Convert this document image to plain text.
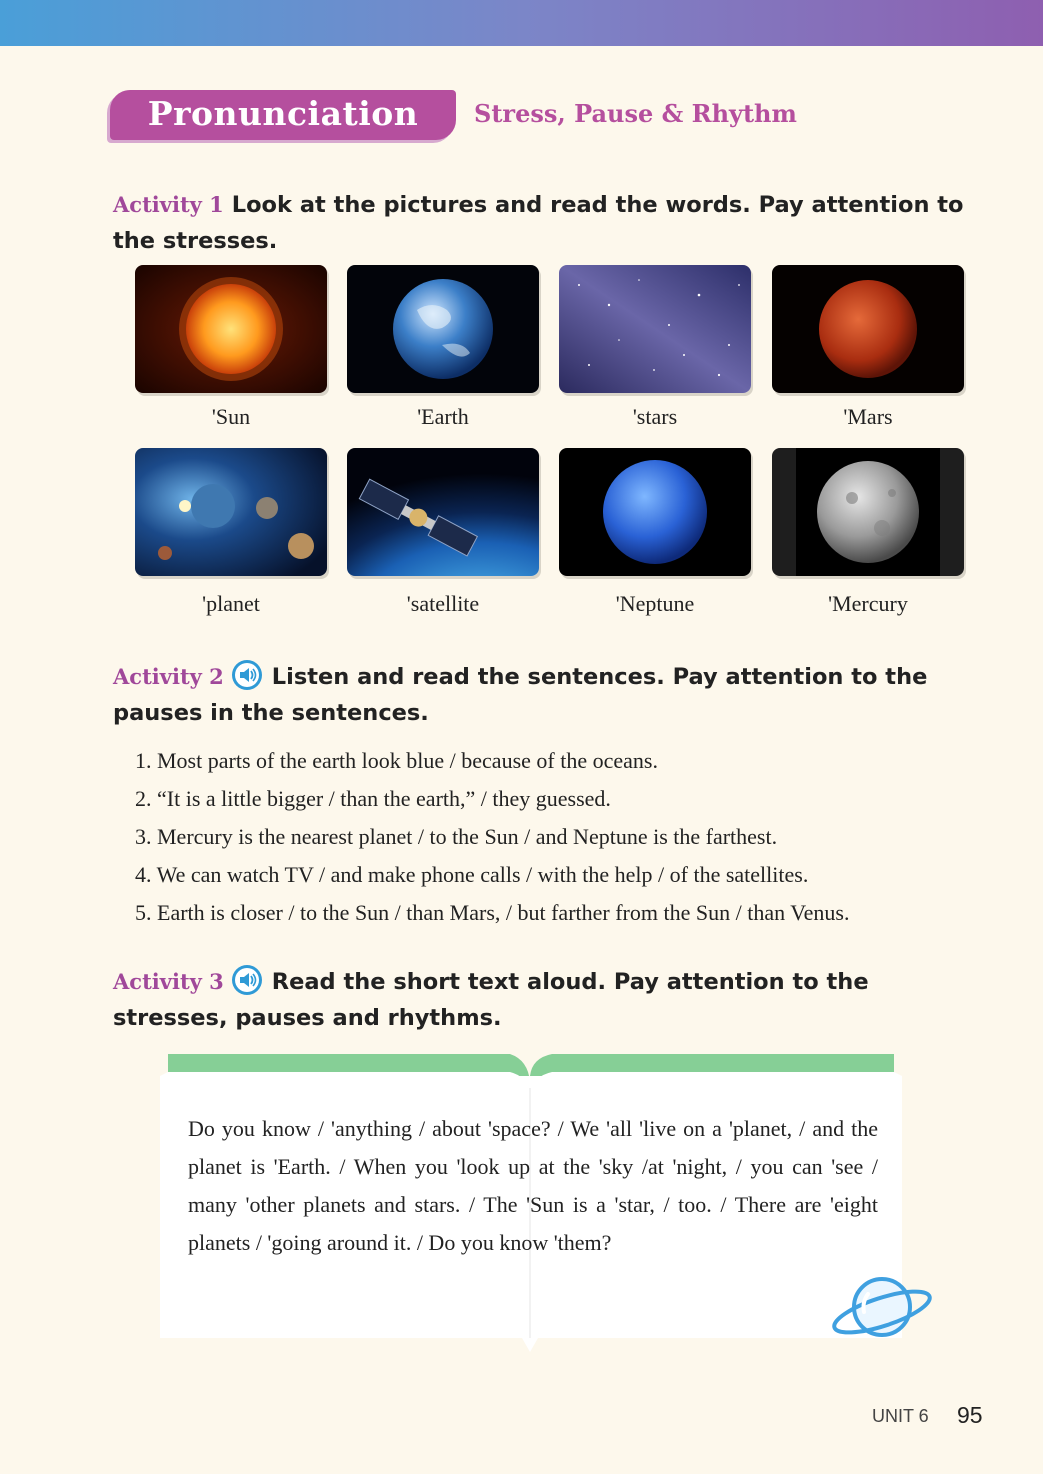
Pronunciation	Stress, Pause & Rhythm
Activity 1 Look at the pictures and read the words. Pay attention to the stresses.
'Sun	'Earth	'stars	'Mars
'planet	'satellite	'Neptune	'Mercury
Activity 2 Listen and read the sentences. Pay attention to the pauses in the sentences.
1. Most parts of the earth look blue / because of the oceans.
2. “It is a little bigger / than the earth,” / they guessed.
3. Mercury is the nearest planet / to the Sun / and Neptune is the farthest.
4. We can watch TV / and make phone calls / with the help / of the satellites.
5. Earth is closer / to the Sun / than Mars, / but farther from the Sun / than Venus.
Activity 3 Read the short text aloud. Pay attention to the stresses, pauses and rhythms.
Do you know / 'anything / about 'space? / We 'all 'live on a 'planet, / and the planet is 'Earth. / When you 'look up at the 'sky /at 'night, / you can 'see / many 'other planets and stars. / The 'Sun is a 'star, / too. / There are 'eight planets / 'going around it. / Do you know 'them?
UNIT 6 95
